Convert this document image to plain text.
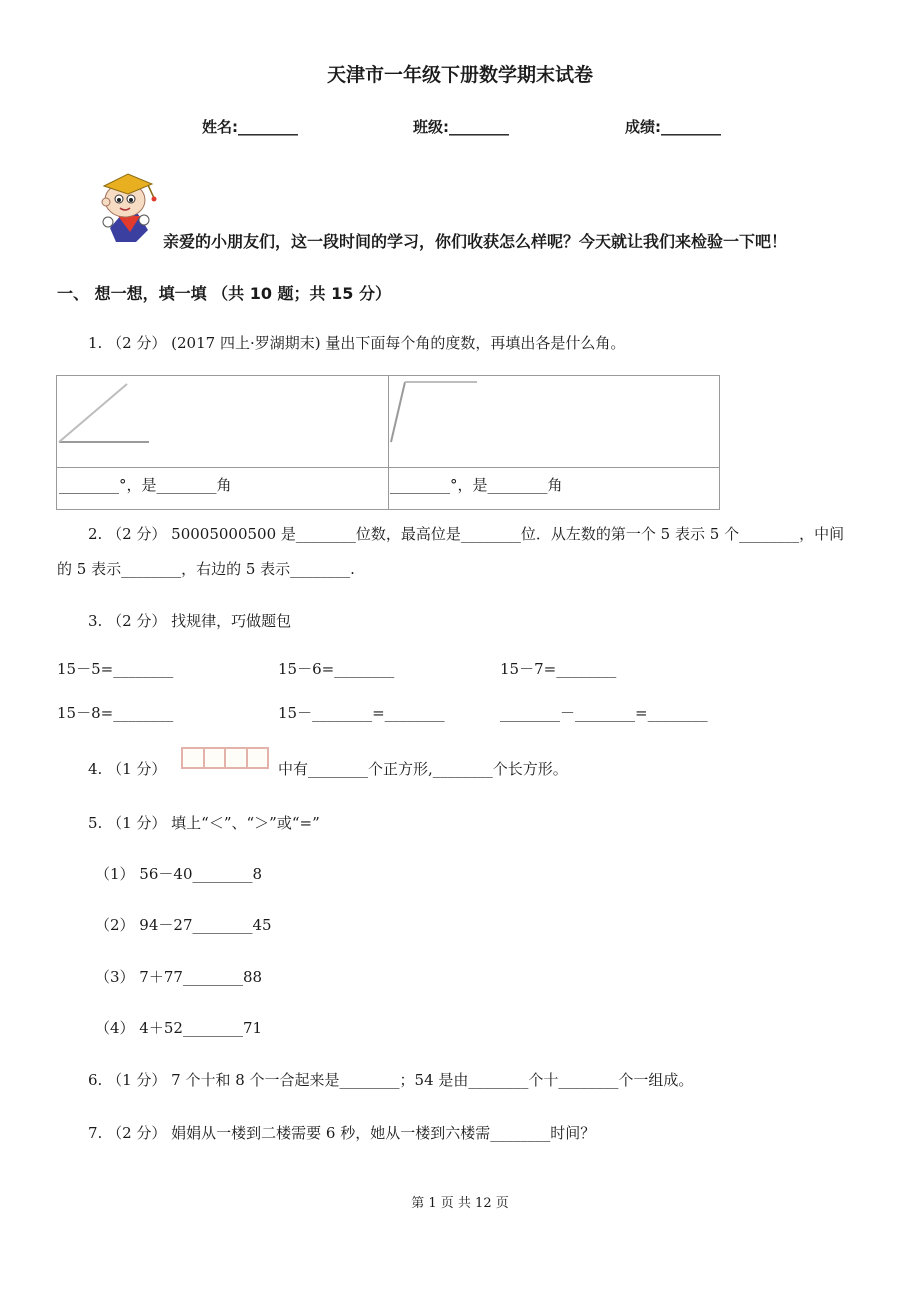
天津市一年级下册数学期末试卷
姓名:________	班级:________	成绩:________
亲爱的小朋友们，这一段时间的学习，你们收获怎么样呢？今天就让我们来检验一下吧！
一、 想一想，填一填 （共 10 题；共 15 分）
1. （2 分） (2017 四上·罗湖期末) 量出下面每个角的度数，再填出各是什么角。
________°，是________角	________°，是________角
2. （2 分） 50005000500 是________位数，最高位是________位．从左数的第一个 5 表示 5 个________，中间
的 5 表示________，右边的 5 表示________.
3. （2 分） 找规律，巧做题包
15－5=________	15－6=________	15－7=________
15－8=________	15－________=________	________－________=________
4. （1 分）	中有________个正方形,________个长方形。
5. （1 分） 填上“＜”、“＞”或“=”
（1） 56－40________8
（2） 94－27________45
（3） 7＋77________88
（4） 4＋52________71
6. （1 分） 7 个十和 8 个一合起来是________；54 是由________个十________个一组成。
7. （2 分） 娟娟从一楼到二楼需要 6 秒，她从一楼到六楼需________时间？
第 1 页 共 12 页
